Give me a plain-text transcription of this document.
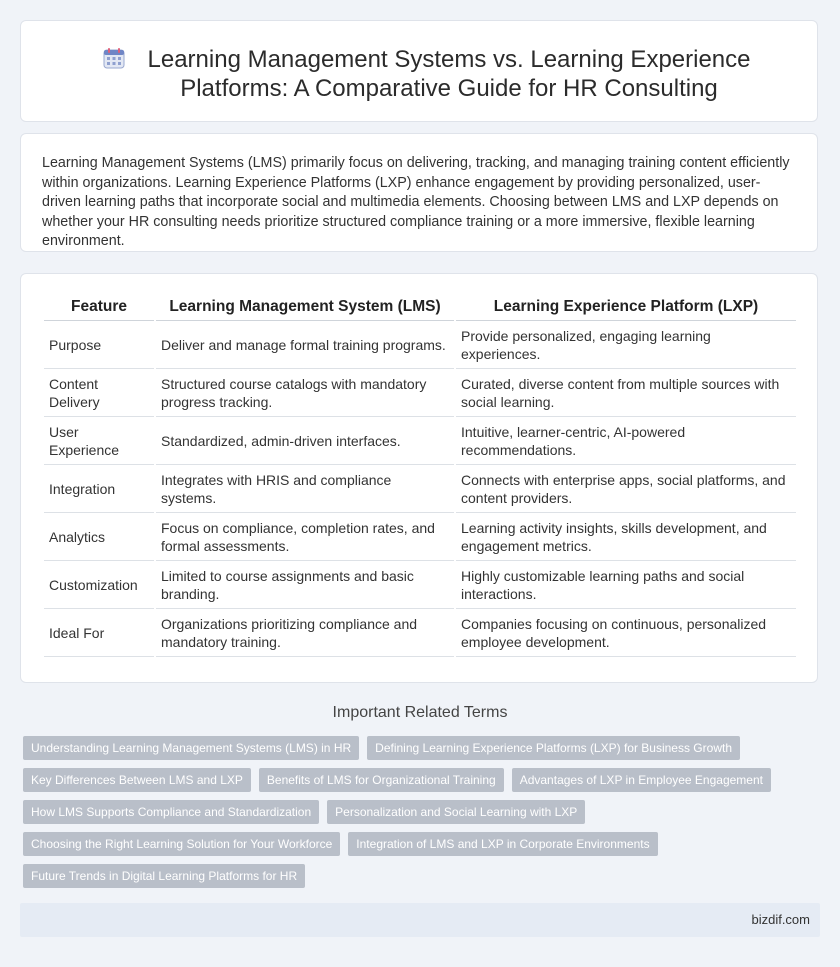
Learning Management Systems vs. Learning Experience Platforms: A Comparative Guide for HR Consulting

Learning Management Systems (LMS) primarily focus on delivering, tracking, and managing training content efficiently within organizations. Learning Experience Platforms (LXP) enhance engagement by providing personalized, user-driven learning paths that incorporate social and multimedia elements. Choosing between LMS and LXP depends on whether your HR consulting needs prioritize structured compliance training or a more immersive, flexible learning environment.

Feature	Learning Management System (LMS)	Learning Experience Platform (LXP)
Purpose	Deliver and manage formal training programs.	Provide personalized, engaging learning experiences.
Content Delivery	Structured course catalogs with mandatory progress tracking.	Curated, diverse content from multiple sources with social learning.
User Experience	Standardized, admin-driven interfaces.	Intuitive, learner-centric, AI-powered recommendations.
Integration	Integrates with HRIS and compliance systems.	Connects with enterprise apps, social platforms, and content providers.
Analytics	Focus on compliance, completion rates, and formal assessments.	Learning activity insights, skills development, and engagement metrics.
Customization	Limited to course assignments and basic branding.	Highly customizable learning paths and social interactions.
Ideal For	Organizations prioritizing compliance and mandatory training.	Companies focusing on continuous, personalized employee development.
Important Related Terms
Understanding Learning Management Systems (LMS) in HR	Defining Learning Experience Platforms (LXP) for Business Growth
Key Differences Between LMS and LXP	Benefits of LMS for Organizational Training	Advantages of LXP in Employee Engagement
How LMS Supports Compliance and Standardization	Personalization and Social Learning with LXP
Choosing the Right Learning Solution for Your Workforce	Integration of LMS and LXP in Corporate Environments
Future Trends in Digital Learning Platforms for HR
bizdif.com
